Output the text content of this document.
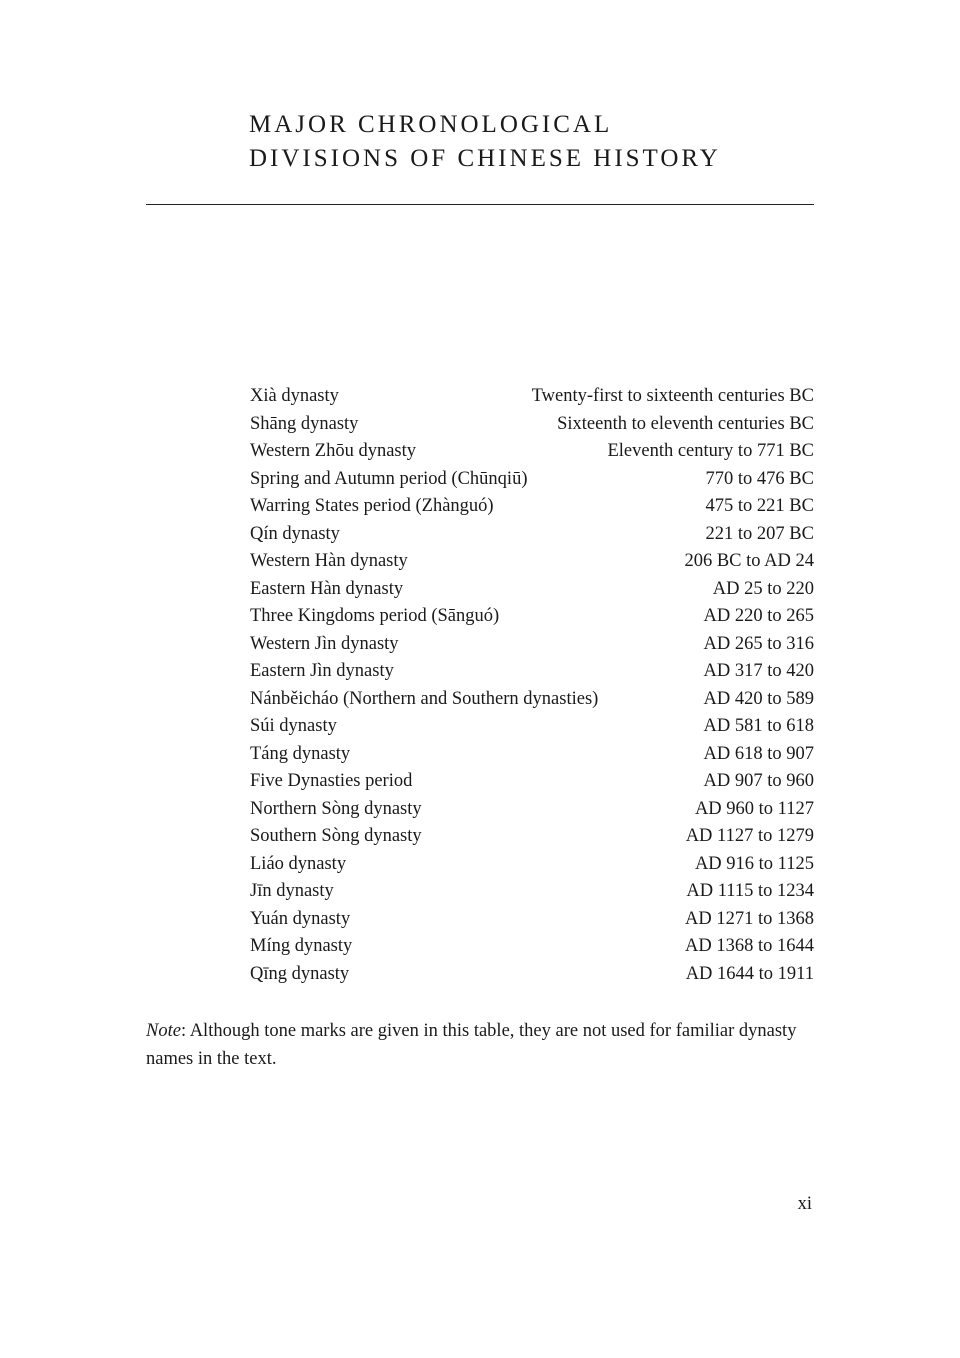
MAJOR CHRONOLOGICAL
DIVISIONS OF CHINESE HISTORY
Xià dynasty	Twenty-first to sixteenth centuries BC
Shāng dynasty	Sixteenth to eleventh centuries BC
Western Zhōu dynasty	Eleventh century to 771 BC
Spring and Autumn period (Chūnqiū)	770 to 476 BC
Warring States period (Zhànguó)	475 to 221 BC
Qín dynasty	221 to 207 BC
Western Hàn dynasty	206 BC to AD 24
Eastern Hàn dynasty	AD 25 to 220
Three Kingdoms period (Sānguó)	AD 220 to 265
Western Jìn dynasty	AD 265 to 316
Eastern Jìn dynasty	AD 317 to 420
Nánběicháo (Northern and Southern dynasties)	AD 420 to 589
Súi dynasty	AD 581 to 618
Táng dynasty	AD 618 to 907
Five Dynasties period	AD 907 to 960
Northern Sòng dynasty	AD 960 to 1127
Southern Sòng dynasty	AD 1127 to 1279
Liáo dynasty	AD 916 to 1125
Jīn dynasty	AD 1115 to 1234
Yuán dynasty	AD 1271 to 1368
Míng dynasty	AD 1368 to 1644
Qīng dynasty	AD 1644 to 1911

Note: Although tone marks are given in this table, they are not used for familiar dynasty names in the text.

xi
